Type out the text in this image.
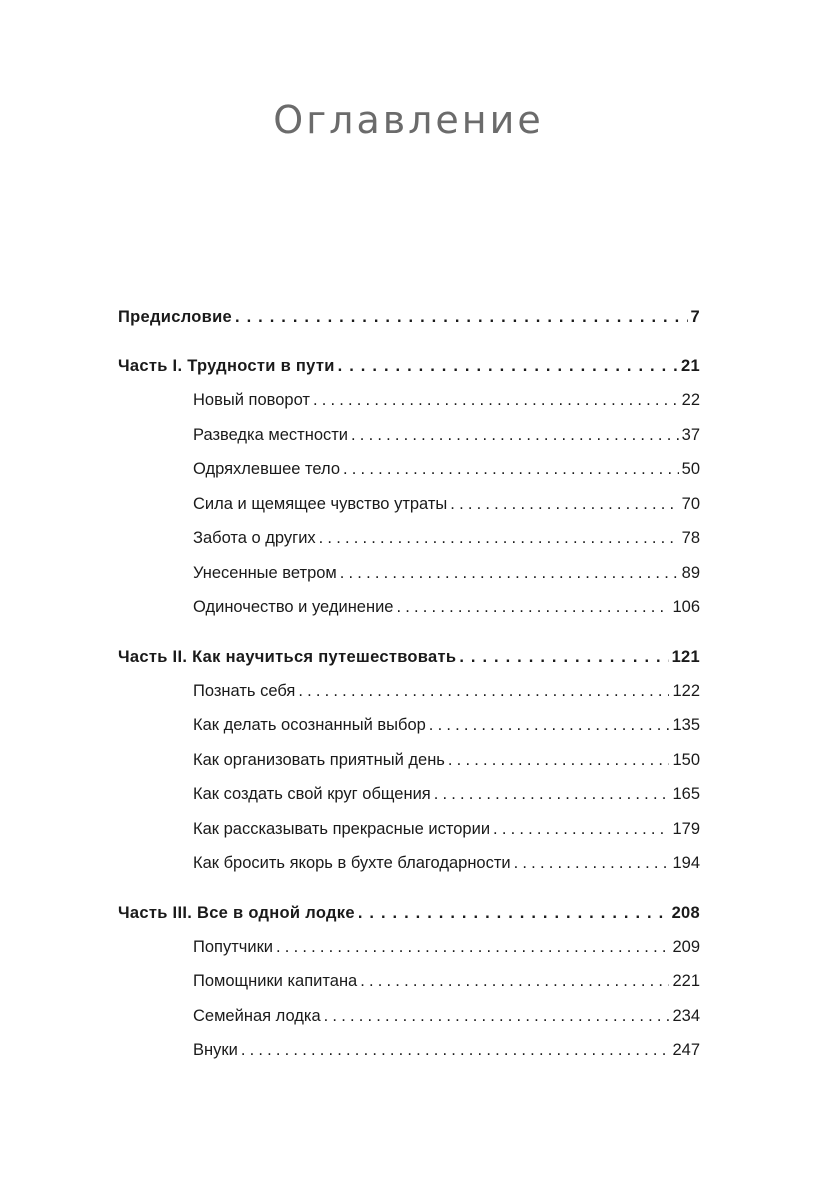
Оглавление
Предисловие . . .	7
Часть I. Трудности в пути . . .	21
Новый поворот . . .	22
Разведка местности . . .	37
Одряхлевшее тело . . .	50
Сила и щемящее чувство утраты . . .	70
Забота о других . . .	78
Унесенные ветром . . .	89
Одиночество и уединение . . .	106
Часть II. Как научиться путешествовать . . .	121
Познать себя . . .	122
Как делать осознанный выбор . . .	135
Как организовать приятный день . . .	150
Как создать свой круг общения . . .	165
Как рассказывать прекрасные истории . . .	179
Как бросить якорь в бухте благодарности . . .	194
Часть III. Все в одной лодке . . .	208
Попутчики . . .	209
Помощники капитана . . .	221
Семейная лодка . . .	234
Внуки . . .	247
